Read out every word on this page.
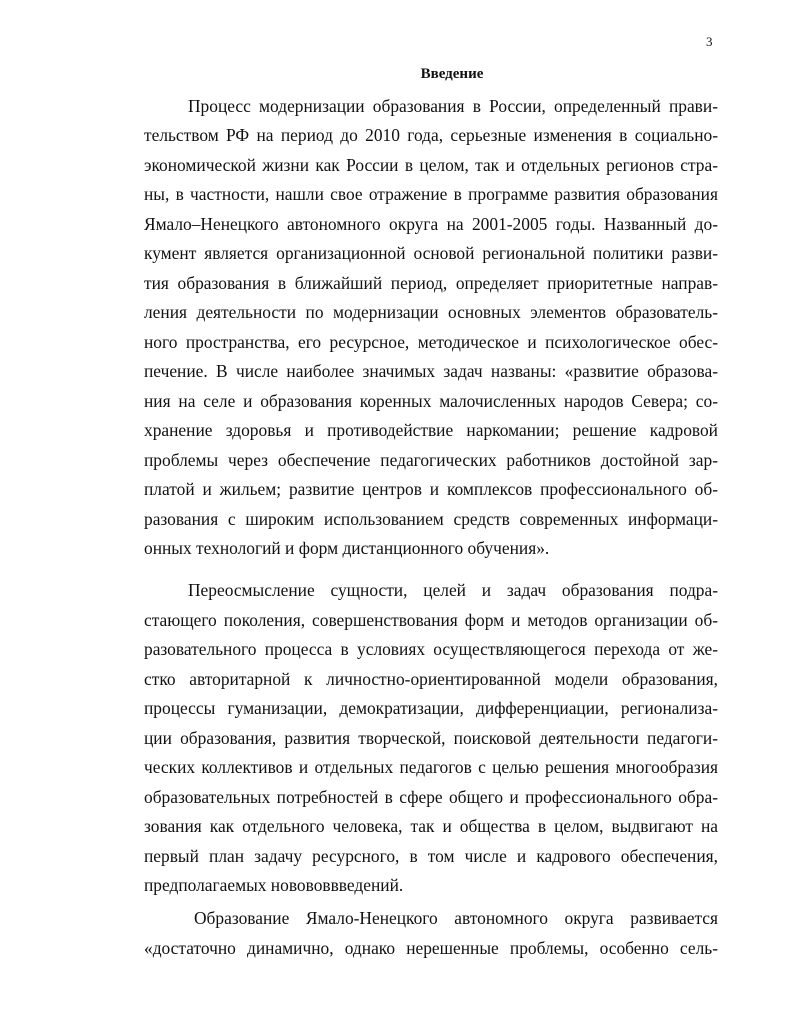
3
Введение
Процесс модернизации образования в России, определенный прави-
тельством РФ на период до 2010 года, серьезные изменения в социально-
экономической жизни как России в целом, так и отдельных регионов стра-
ны, в частности, нашли свое отражение в программе развития образования
Ямало–Ненецкого автономного округа на 2001-2005 годы. Названный до-
кумент является организационной основой региональной политики разви-
тия образования в ближайший период, определяет приоритетные направ-
ления деятельности по модернизации основных элементов образователь-
ного пространства, его ресурсное, методическое и психологическое обес-
печение. В числе наиболее значимых задач названы: «развитие образова-
ния на селе и образования коренных малочисленных народов Севера; со-
хранение здоровья и противодействие наркомании; решение кадровой
проблемы через обеспечение педагогических работников достойной зар-
платой и жильем; развитие центров и комплексов профессионального об-
разования с широким использованием средств современных информаци-
онных технологий и форм дистанционного обучения».
Переосмысление сущности, целей и задач образования подра-
стающего поколения, совершенствования форм и методов организации об-
разовательного процесса в условиях осуществляющегося перехода от же-
стко авторитарной к личностно-ориентированной модели образования,
процессы гуманизации, демократизации, дифференциации, регионализа-
ции образования, развития творческой, поисковой деятельности педагоги-
ческих коллективов и отдельных педагогов с целью решения многообразия
образовательных потребностей в сфере общего и профессионального обра-
зования как отдельного человека, так и общества в целом, выдвигают на
первый план задачу ресурсного, в том числе и кадрового обеспечения,
предполагаемых новововвведений.
Образование Ямало-Ненецкого автономного округа развивается
«достаточно динамично, однако нерешенные проблемы, особенно сель-
